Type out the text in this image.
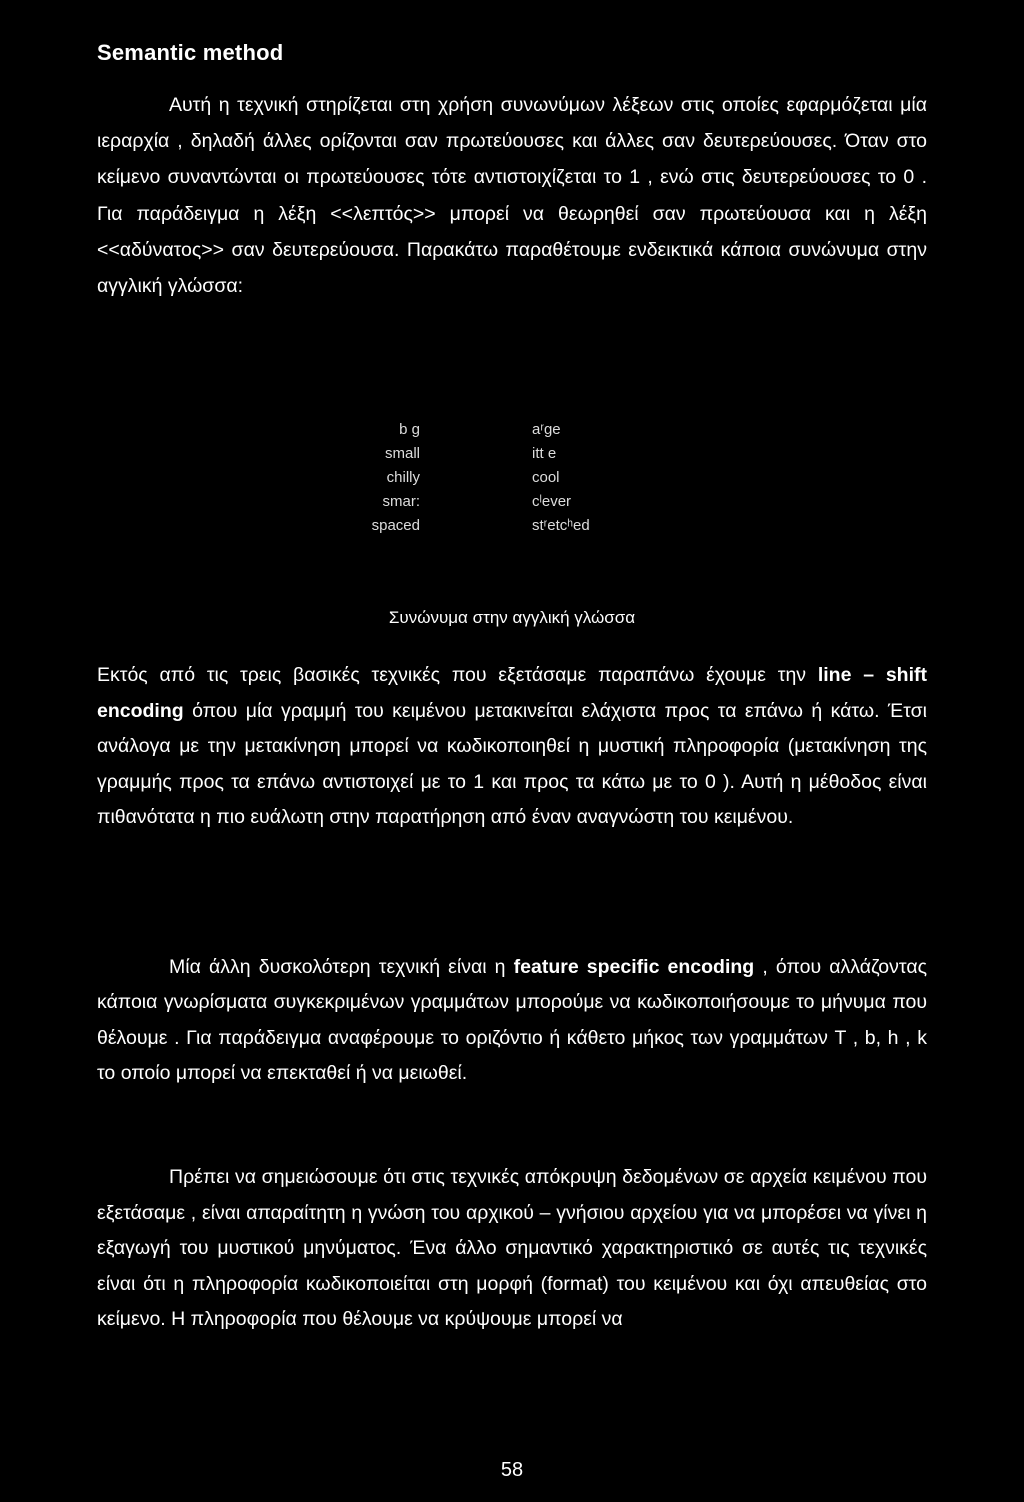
Semantic method

Αυτή η τεχνική στηρίζεται στη χρήση συνωνύμων λέξεων στις οποίες εφαρμόζεται μία ιεραρχία , δηλαδή άλλες ορίζονται σαν πρωτεύουσες και άλλες σαν δευτερεύουσες. Όταν στο κείμενο συναντώνται οι πρωτεύουσες τότε αντιστοιχίζεται το 1 , ενώ στις δευτερεύουσες το 0 . Για παράδειγμα η λέξη <<λεπτός>> μπορεί να θεωρηθεί σαν πρωτεύουσα και η λέξη <<αδύνατος>> σαν δευτερεύουσα. Παρακάτω παραθέτουμε ενδεικτικά κάποια συνώνυμα στην αγγλική γλώσσα:

b g	aʳge
small	itt e
chilly	cool
smar:	cˡever
spaced	stʳetcʰed
Συνώνυμα στην αγγλική γλώσσα

Εκτός από τις τρεις βασικές τεχνικές που εξετάσαμε παραπάνω έχουμε την line – shift encoding όπου μία γραμμή του κειμένου μετακινείται ελάχιστα προς τα επάνω ή κάτω. Έτσι ανάλογα με την μετακίνηση μπορεί να κωδικοποιηθεί η μυστική πληροφορία (μετακίνηση της γραμμής προς τα επάνω αντιστοιχεί με το 1 και προς τα κάτω με το 0 ). Αυτή η μέθοδος είναι πιθανότατα η πιο ευάλωτη στην παρατήρηση από έναν αναγνώστη του κειμένου.

Μία άλλη δυσκολότερη τεχνική είναι η feature specific encoding , όπου αλλάζοντας κάποια γνωρίσματα συγκεκριμένων γραμμάτων μπορούμε να κωδικοποιήσουμε το μήνυμα που θέλουμε . Για παράδειγμα αναφέρουμε το οριζόντιο ή κάθετο μήκος των γραμμάτων T , b, h , k το οποίο μπορεί να επεκταθεί ή να μειωθεί.

Πρέπει να σημειώσουμε ότι στις τεχνικές απόκρυψη δεδομένων σε αρχεία κειμένου που εξετάσαμε , είναι απαραίτητη η γνώση του αρχικού – γνήσιου αρχείου για να μπορέσει να γίνει η εξαγωγή του μυστικού μηνύματος. Ένα άλλο σημαντικό χαρακτηριστικό σε αυτές τις τεχνικές είναι ότι η πληροφορία κωδικοποιείται στη μορφή (format) του κειμένου και όχι απευθείας στο κείμενο. Η πληροφορία που θέλουμε να κρύψουμε μπορεί να

58
